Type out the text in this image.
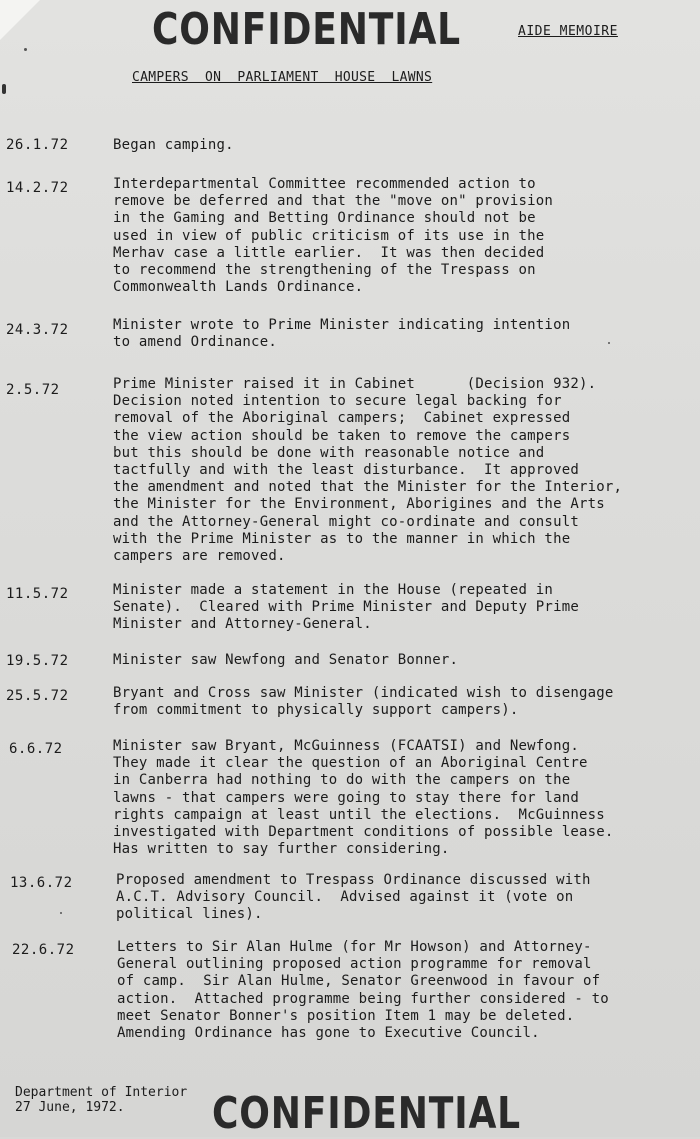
CONFIDENTIAL	AIDE MEMOIRE
CAMPERS ON PARLIAMENT HOUSE LAWNS
26.1.72	Began camping.
14.2.72	Interdepartmental Committee recommended action to
remove be deferred and that the "move on" provision
in the Gaming and Betting Ordinance should not be
used in view of public criticism of its use in the
Merhav case a little earlier.  It was then decided
to recommend the strengthening of the Trespass on
Commonwealth Lands Ordinance.
24.3.72	Minister wrote to Prime Minister indicating intention
to amend Ordinance.
2.5.72	Prime Minister raised it in Cabinet      (Decision 932).
Decision noted intention to secure legal backing for
removal of the Aboriginal campers;  Cabinet expressed
the view action should be taken to remove the campers
but this should be done with reasonable notice and
tactfully and with the least disturbance.  It approved
the amendment and noted that the Minister for the Interior,
the Minister for the Environment, Aborigines and the Arts
and the Attorney-General might co-ordinate and consult
with the Prime Minister as to the manner in which the
campers are removed.
11.5.72	Minister made a statement in the House (repeated in
Senate).  Cleared with Prime Minister and Deputy Prime
Minister and Attorney-General.
19.5.72	Minister saw Newfong and Senator Bonner.
25.5.72	Bryant and Cross saw Minister (indicated wish to disengage
from commitment to physically support campers).
6.6.72	Minister saw Bryant, McGuinness (FCAATSI) and Newfong.
They made it clear the question of an Aboriginal Centre
in Canberra had nothing to do with the campers on the
lawns - that campers were going to stay there for land
rights campaign at least until the elections.  McGuinness
investigated with Department conditions of possible lease.
Has written to say further considering.
13.6.72	Proposed amendment to Trespass Ordinance discussed with
A.C.T. Advisory Council.  Advised against it (vote on
political lines).
22.6.72	Letters to Sir Alan Hulme (for Mr Howson) and Attorney-
General outlining proposed action programme for removal
of camp.  Sir Alan Hulme, Senator Greenwood in favour of
action.  Attached programme being further considered - to
meet Senator Bonner's position Item 1 may be deleted.
Amending Ordinance has gone to Executive Council.
Department of Interior
27 June, 1972.	CONFIDENTIAL
